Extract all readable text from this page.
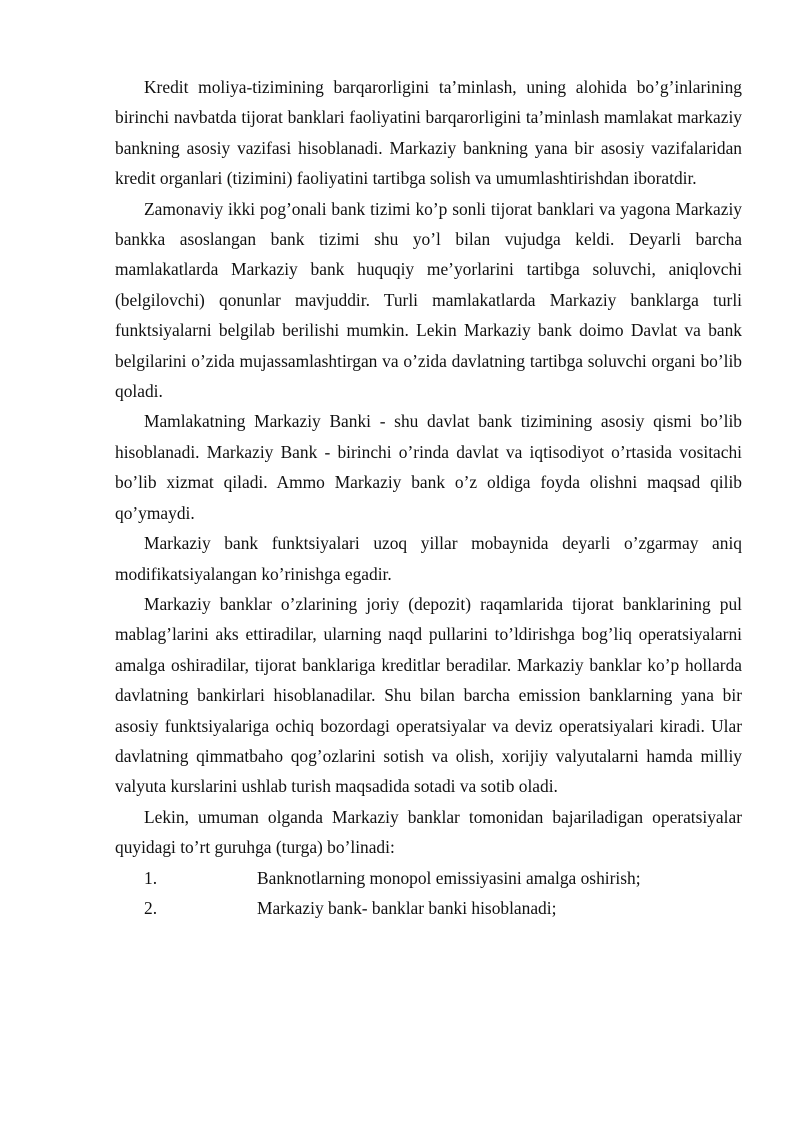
Kredit moliya-tizimining barqarorligini ta’minlash, uning alohida bo’g’inlarining birinchi navbatda tijorat banklari faoliyatini barqarorligini ta’minlash mamlakat markaziy bankning asosiy vazifasi hisoblanadi. Markaziy bankning yana bir asosiy vazifalaridan kredit organlari (tizimini) faoliyatini tartibga solish va umumlashtirishdan iboratdir.

Zamonaviy ikki pog’onali bank tizimi ko’p sonli tijorat banklari va yagona Markaziy bankka asoslangan bank tizimi shu yo’l bilan vujudga keldi. Deyarli barcha mamlakatlarda Markaziy bank huquqiy me’yorlarini tartibga soluvchi, aniqlovchi (belgilovchi) qonunlar mavjuddir. Turli mamlakatlarda Markaziy banklarga turli funktsiyalarni belgilab berilishi mumkin. Lekin Markaziy bank doimo Davlat va bank belgilarini o’zida mujassamlashtirgan va o’zida davlatning tartibga soluvchi organi bo’lib qoladi.

Mamlakatning Markaziy Banki - shu davlat bank tizimining asosiy qismi bo’lib hisoblanadi. Markaziy Bank - birinchi o’rinda davlat va iqtisodiyot o’rtasida vositachi bo’lib xizmat qiladi. Ammo Markaziy bank o’z oldiga foyda olishni maqsad qilib qo’ymaydi.

Markaziy bank funktsiyalari uzoq yillar mobaynida deyarli o’zgarmay aniq modifikatsiyalangan ko’rinishga egadir.

Markaziy banklar o’zlarining joriy (depozit) raqamlarida tijorat banklarining pul mablag’larini aks ettiradilar, ularning naqd pullarini to’ldirishga bog’liq operatsiyalarni amalga oshiradilar, tijorat banklariga kreditlar beradilar. Markaziy banklar ko’p hollarda davlatning bankirlari hisoblanadilar. Shu bilan barcha emission banklarning yana bir asosiy funktsiyalariga ochiq bozordagi operatsiyalar va deviz operatsiyalari kiradi. Ular davlatning qimmatbaho qog’ozlarini sotish va olish, xorijiy valyutalarni hamda milliy valyuta kurslarini ushlab turish maqsadida sotadi va sotib oladi.

Lekin, umuman olganda Markaziy banklar tomonidan bajariladigan operatsiyalar quyidagi to’rt guruhga (turga) bo’linadi:

1.	Banknotlarning monopol emissiyasini amalga oshirish;
2.	Markaziy bank- banklar banki hisoblanadi;
